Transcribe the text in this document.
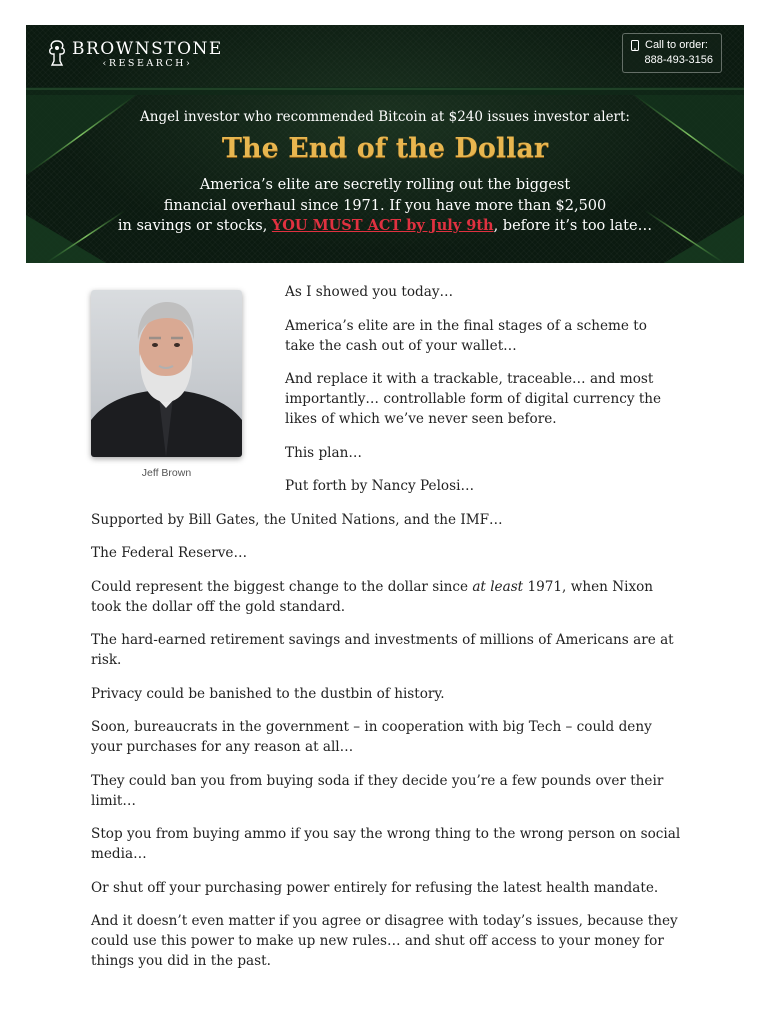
BROWNSTONE
‹RESEARCH›
Call to order:
888-493-3156
Angel investor who recommended Bitcoin at $240 issues investor alert:
The End of the Dollar
America’s elite are secretly rolling out the biggest
financial overhaul since 1971. If you have more than $2,500
in savings or stocks, YOU MUST ACT by July 9th, before it’s too late…
Jeff Brown

As I showed you today…

America’s elite are in the final stages of a scheme to take the cash out of your wallet…

And replace it with a trackable, traceable… and most importantly… controllable form of digital currency the likes of which we’ve never seen before.

This plan…

Put forth by Nancy Pelosi…

Supported by Bill Gates, the United Nations, and the IMF…

The Federal Reserve…

Could represent the biggest change to the dollar since at least 1971, when Nixon took the dollar off the gold standard.

The hard-earned retirement savings and investments of millions of Americans are at risk.

Privacy could be banished to the dustbin of history.

Soon, bureaucrats in the government – in cooperation with big Tech – could deny your purchases for any reason at all…

They could ban you from buying soda if they decide you’re a few pounds over their limit…

Stop you from buying ammo if you say the wrong thing to the wrong person on social media…

Or shut off your purchasing power entirely for refusing the latest health mandate.

And it doesn’t even matter if you agree or disagree with today’s issues, because they could use this power to make up new rules… and shut off access to your money for things you did in the past.
